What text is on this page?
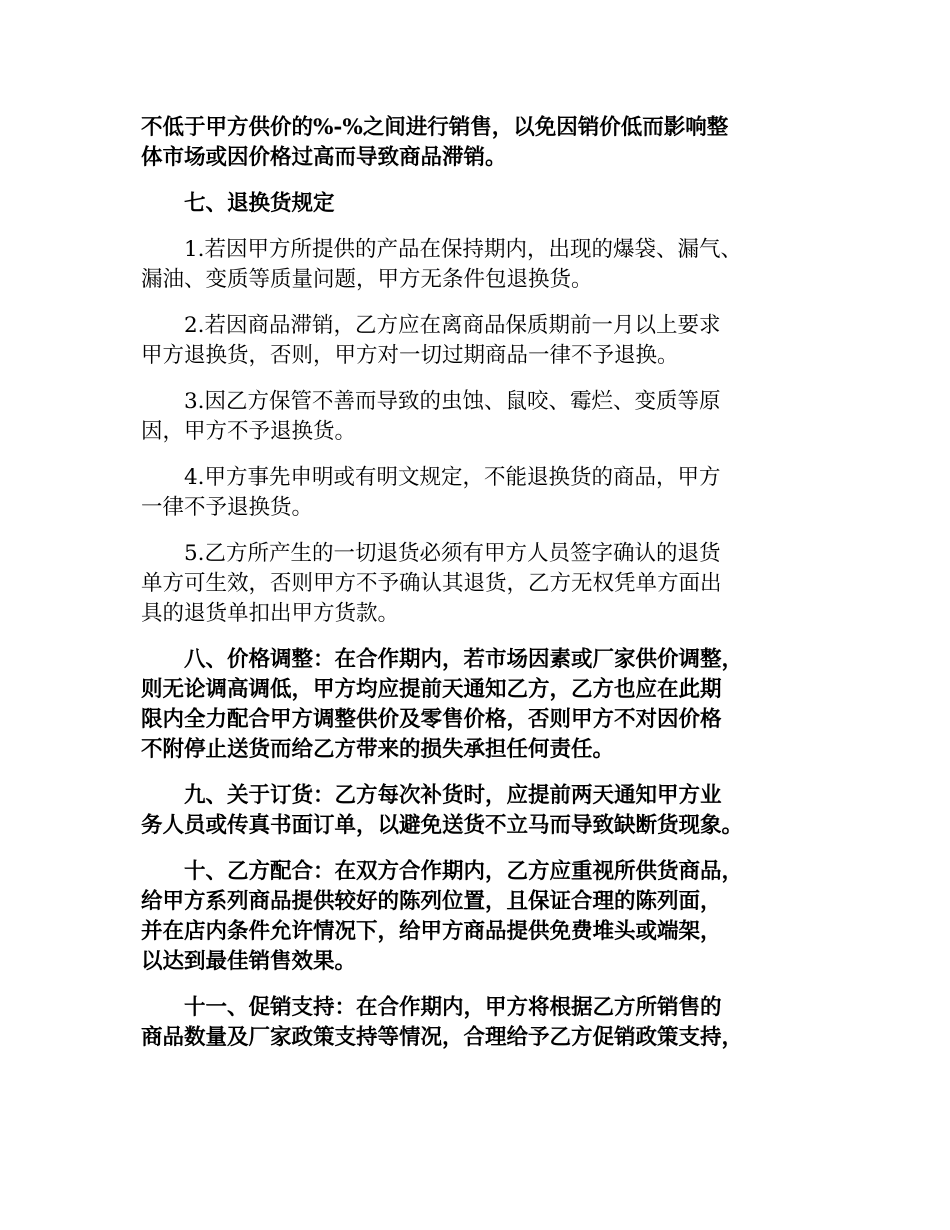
不低于甲方供价的%-%之间进行销售，以免因销价低而影响整
体市场或因价格过高而导致商品滞销。

七、退换货规定

1.若因甲方所提供的产品在保持期内，出现的爆袋、漏气、
漏油、变质等质量问题，甲方无条件包退换货。

2.若因商品滞销，乙方应在离商品保质期前一月以上要求
甲方退换货，否则，甲方对一切过期商品一律不予退换。

3.因乙方保管不善而导致的虫蚀、鼠咬、霉烂、变质等原
因，甲方不予退换货。

4.甲方事先申明或有明文规定，不能退换货的商品，甲方
一律不予退换货。

5.乙方所产生的一切退货必须有甲方人员签字确认的退货
单方可生效，否则甲方不予确认其退货，乙方无权凭单方面出
具的退货单扣出甲方货款。

八、价格调整：在合作期内，若市场因素或厂家供价调整，
则无论调高调低，甲方均应提前天通知乙方，乙方也应在此期
限内全力配合甲方调整供价及零售价格，否则甲方不对因价格
不附停止送货而给乙方带来的损失承担任何责任。

九、关于订货：乙方每次补货时，应提前两天通知甲方业
务人员或传真书面订单，以避免送货不立马而导致缺断货现象。

十、乙方配合：在双方合作期内，乙方应重视所供货商品，
给甲方系列商品提供较好的陈列位置，且保证合理的陈列面，
并在店内条件允许情况下，给甲方商品提供免费堆头或端架，
以达到最佳销售效果。

十一、促销支持：在合作期内，甲方将根据乙方所销售的
商品数量及厂家政策支持等情况，合理给予乙方促销政策支持，
